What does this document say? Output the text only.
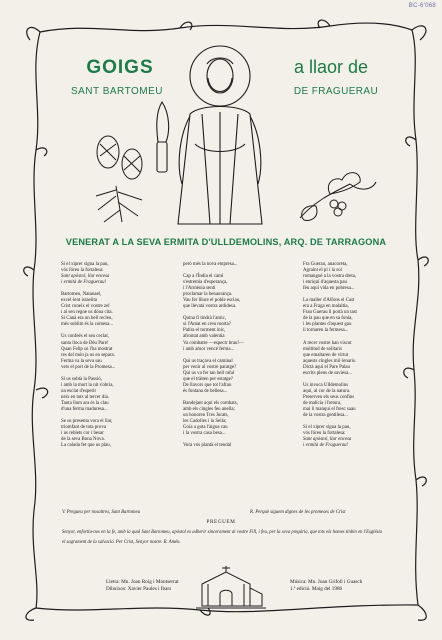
BC-6'068
GOIGS
SANT BARTOMEU
a llaor de
DE FRAGUERAU
VENERAT A LA SEVA ERMITA D'ULLDEMOLINS, ARQ. DE TARRAGONA
Si el xiprer signa la pau,
vós fóreu la fortalesa:
Sant apòstol, llur encesa
i ermità de Fraguerau!
Bartomeu, Natanael,
excel·lent israelita
Crist coneix el vostre zel
i al seu regne us dóna cita.
Si Caná era un bell recleu,
més sublim és la comesa...
Us confeés el seu ceclat,
santa lloca de Déu Pare!
Quan Felip us l'ha mostrat
res del món ja us en separa.
Ferma va la seva sau
vers el port de la Promesa...
Si us sobtà la Passió,
i amb la mort la nit s'obria,
un esclat d'esperit
neix en tots al tercer dia.
Tanta llum ara és la clau
d'una ferma maduresa...
Se us presenta vora el llar,
triomfant de tota prova
i us reblets cor i besar
de la seva Bona Nova.
La calada fet que us plau,
però més la nova empresa...
Cap a l'Índia el camí
s'estremia d'esperança,
i l'Armènia sentí
proclamar la benaurança.
Vau fer lliure el poble esclau,
que llevatà vostra ardidesa.
Quina fi tindrà l'amic,
si l'Amat en creu morta?
Patíra el torment inic,
afrontat amb valentia
Va combatre —espectr brau!—
i amb amor vencé ferma...
Qui us traçava el caminal
per venir al vostre paratge?
Qui us va fer tan bell rafal
que el tràiten per estatge?
De llavors que tot l'afrau
és fontana de bellesa...
Bandejant aquí els combats,
amb els cingles feu anella;
un honoren Tres Jurats,
les Cadolles i la Sella;
Goia a gota l'aigua cau
i la vostra casa besa...

Vora vós plantà el tendal
Fra Guerau, anacoreta,
Agraint el pi i la sol
romangué a la vostra dreta,
i enriquí d'aquesta pau
féu aquí vida en pobresa...
La maller d'Alfons el Cast
era a Fraga en malaltia,
Frau Guerau li portà un tast
de la pau que en sa fonia,
i les plantes d'aquest gau
li tornaren la fermesa...
A recer vostre han viscut
multitud de solitaris
que emaltaren de virtut
aquests cingles mil·lenaris.
Dictà aquí el Pare Palau
escrits plens de saviesa...
Us invoca Ulldemolins
aquí, al cor de la natura.
Preserveu els seus confins
de malícia i fretura,
mai li manqui el fresc saau
de la vostra gentilesa...
Si el xiprer signa la pau,
vós fóreu la fortalesa:
Sant apòstol, llur encesa
i ermità de Fraguerau!
V. Pregueu per nosaltres, Sant Bartomeu	R. Perquè siguem dignes de les promeses de Crist
PREGUEM
Senyor, enfortiu-nos en la fe, amb la qual Sant Bartomeu, apòstol es adherir sincerament al vostre Fill, i feu, per la seva pregària, que tots els homes tinbin en l'Església el sagrament de la salvació. Per Crist, Senyor nostre. R. Amén.
Lletra: Mn. Joan Roig i Montserrat
Dibuixos: Xavier Paules i Ibars
Música: Mn. Joan Grifoll i Guasch
1.ª edició. Maig del 1986
